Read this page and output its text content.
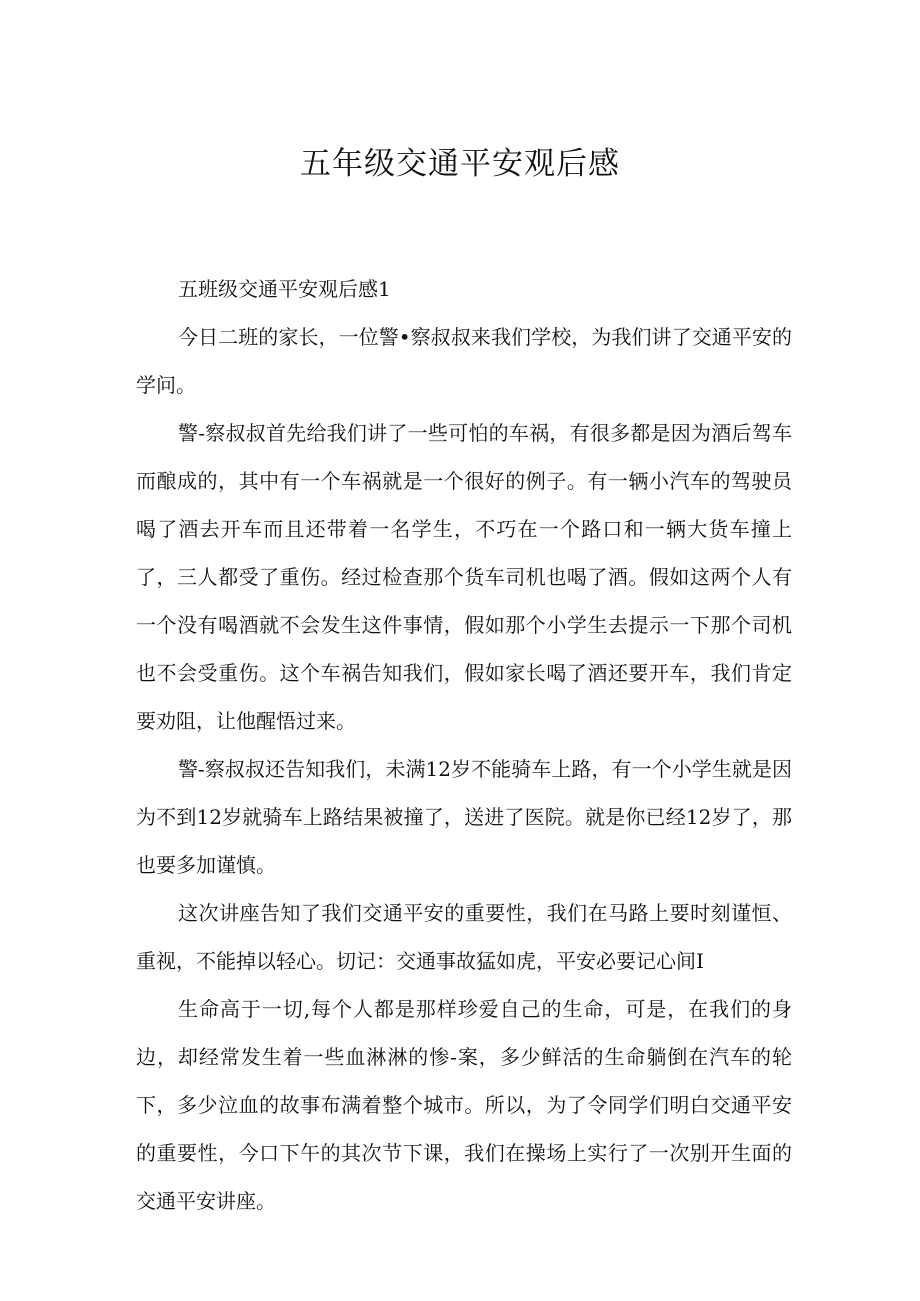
五年级交通平安观后感

五班级交通平安观后感1

今日二班的家长，一位警•察叔叔来我们学校，为我们讲了交通平安的学问。

警-察叔叔首先给我们讲了一些可怕的车祸，有很多都是因为酒后驾车而酿成的，其中有一个车祸就是一个很好的例子。有一辆小汽车的驾驶员喝了酒去开车而且还带着一名学生，不巧在一个路口和一辆大货车撞上了，三人都受了重伤。经过检查那个货车司机也喝了酒。假如这两个人有一个没有喝酒就不会发生这件事情，假如那个小学生去提示一下那个司机也不会受重伤。这个车祸告知我们，假如家长喝了酒还要开车，我们肯定要劝阻，让他醒悟过来。

警-察叔叔还告知我们，未满12岁不能骑车上路，有一个小学生就是因为不到12岁就骑车上路结果被撞了，送进了医院。就是你已经12岁了，那也要多加谨慎。

这次讲座告知了我们交通平安的重要性，我们在马路上要时刻谨恒、重视，不能掉以轻心。切记：交通事故猛如虎，平安必要记心间I

生命高于一切,每个人都是那样珍爱自己的生命，可是，在我们的身边，却经常发生着一些血淋淋的惨-案，多少鲜活的生命躺倒在汽车的轮下，多少泣血的故事布满着整个城市。所以，为了令同学们明白交通平安的重要性，今口下午的其次节下课，我们在操场上实行了一次别开生面的交通平安讲座。
